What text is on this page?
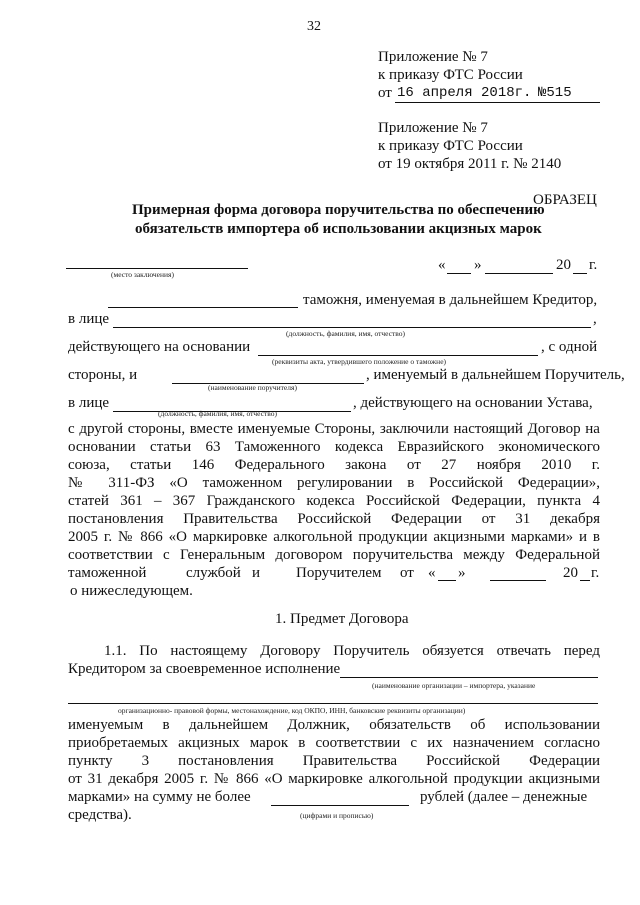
32
Приложение № 7
к приказу ФТС России
от 16 апреля 2018г. №515
Приложение № 7
к приказу ФТС России
от 19 октября 2011 г. № 2140
ОБРАЗЕЦ
Примерная форма договора поручительства по обеспечению
обязательств импортера об использовании акцизных марок
(место заключения)
« »	20 г.
таможня, именуемая в дальнейшем Кредитор,
в лице	,
(должность, фамилия, имя, отчество)
действующего на основании	, с одной
(реквизиты акта, утвердившего положение о таможне)
стороны, и	, именуемый в дальнейшем Поручитель,
(наименование поручителя)
в лице	, действующего на основании Устава,
(должность, фамилия, имя, отчество)
с другой стороны, вместе именуемые Стороны, заключили настоящий Договор на
основании статьи 63 Таможенного кодекса Евразийского экономического
союза, статьи 146 Федерального закона от 27 ноября 2010 г.
№ 311-ФЗ «О таможенном регулировании в Российской Федерации»,
статей 361 – 367 Гражданского кодекса Российской Федерации, пункта 4
постановления Правительства Российской Федерации от 31 декабря
2005 г. № 866 «О маркировке алкогольной продукции акцизными марками» и в
соответствии с Генеральным договором поручительства между Федеральной
таможенной	службой и Поручителем от « »	20 г.
о нижеследующем.
1. Предмет Договора
1.1. По настоящему Договору Поручитель обязуется отвечать перед
Кредитором за своевременное исполнение
(наименование организации – импортера, указание
организационно- правовой формы, местонахождение, код ОКПО, ИНН, банковские реквизиты организации)
именуемым в дальнейшем Должник, обязательств об использовании
приобретаемых акцизных марок в соответствии с их назначением согласно
пункту 3 постановления Правительства Российской Федерации
от 31 декабря 2005 г. № 866 «О маркировке алкогольной продукции акцизными
марками» на сумму не более	рублей (далее – денежные
средства).	(цифрами и прописью)
